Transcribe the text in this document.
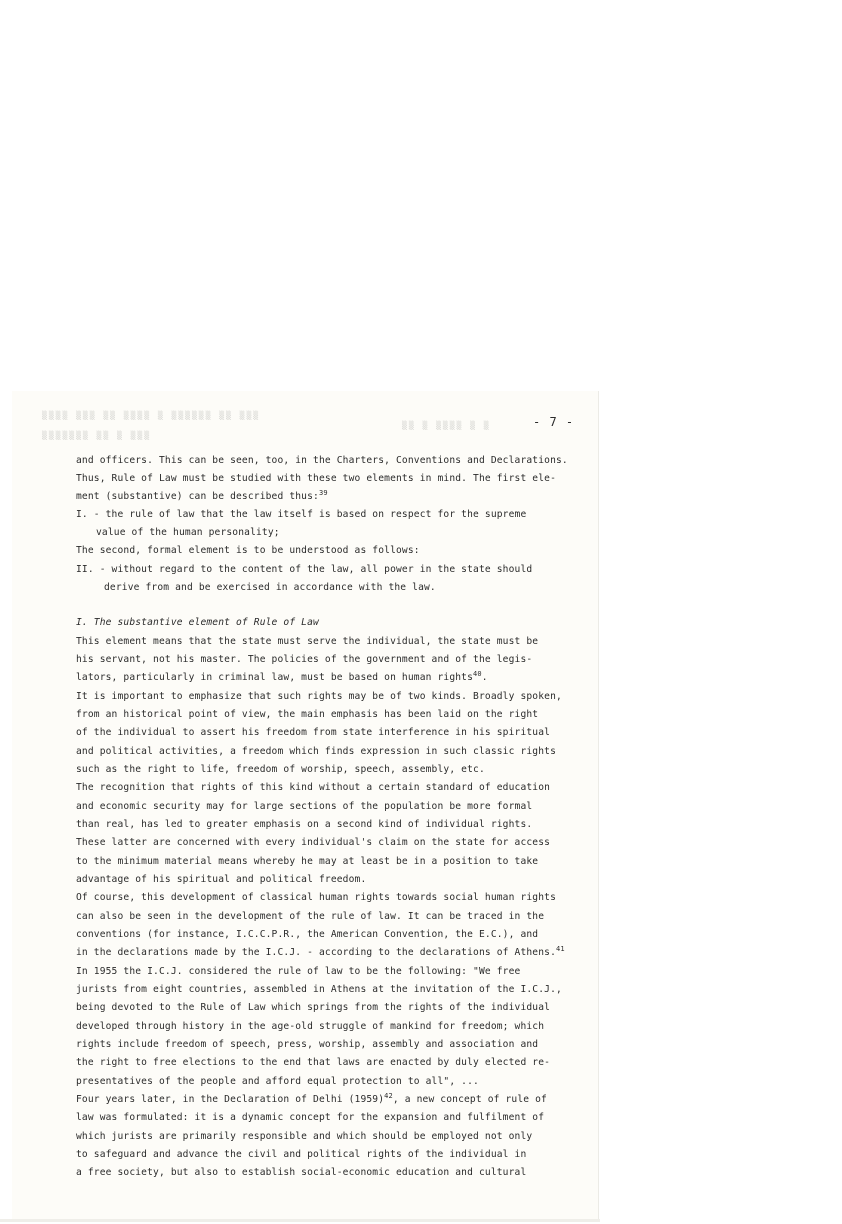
▒▒▒▒ ▒▒▒ ▒▒ ▒▒▒▒ ▒ ▒▒▒▒▒▒ ▒▒ ▒▒▒
▒▒▒▒▒▒▒ ▒▒ ▒ ▒▒▒
▒▒ ▒ ▒▒▒▒ ▒ ▒	- 7 -
and officers. This can be seen, too, in the Charters, Conventions and Declarations.
Thus, Rule of Law must be studied with these two elements in mind. The first ele-
ment (substantive) can be described thus:$^{39}$
I. - the rule of law that the law itself is based on respect for the supreme
value of the human personality;
The second, formal element is to be understood as follows:
II. - without regard to the content of the law, all power in the state should
derive from and be exercised in accordance with the law.
I. The substantive element of Rule of Law
This element means that the state must serve the individual, the state must be
his servant, not his master. The policies of the government and of the legis-
lators, particularly in criminal law, must be based on human rights$^{40}$.
It is important to emphasize that such rights may be of two kinds. Broadly spoken,
from an historical point of view, the main emphasis has been laid on the right
of the individual to assert his freedom from state interference in his spiritual
and political activities, a freedom which finds expression in such classic rights
such as the right to life, freedom of worship, speech, assembly, etc.
The recognition that rights of this kind without a certain standard of education
and economic security may for large sections of the population be more formal
than real, has led to greater emphasis on a second kind of individual rights.
These latter are concerned with every individual's claim on the state for access
to the minimum material means whereby he may at least be in a position to take
advantage of his spiritual and political freedom.
Of course, this development of classical human rights towards social human rights
can also be seen in the development of the rule of law. It can be traced in the
conventions (for instance, I.C.C.P.R., the American Convention, the E.C.), and
in the declarations made by the I.C.J. - according to the declarations of Athens.$^{41}$
In 1955 the I.C.J. considered the rule of law to be the following: "We free
jurists from eight countries, assembled in Athens at the invitation of the I.C.J.,
being devoted to the Rule of Law which springs from the rights of the individual
developed through history in the age-old struggle of mankind for freedom; which
rights include freedom of speech, press, worship, assembly and association and
the right to free elections to the end that laws are enacted by duly elected re-
presentatives of the people and afford equal protection to all", ...
Four years later, in the Declaration of Delhi $(1959)^{42}$, a new concept of rule of
law was formulated: it is a dynamic concept for the expansion and fulfilment of
which jurists are primarily responsible and which should be employed not only
to safeguard and advance the civil and political rights of the individual in
a free society, but also to establish social-economic education and cultural
